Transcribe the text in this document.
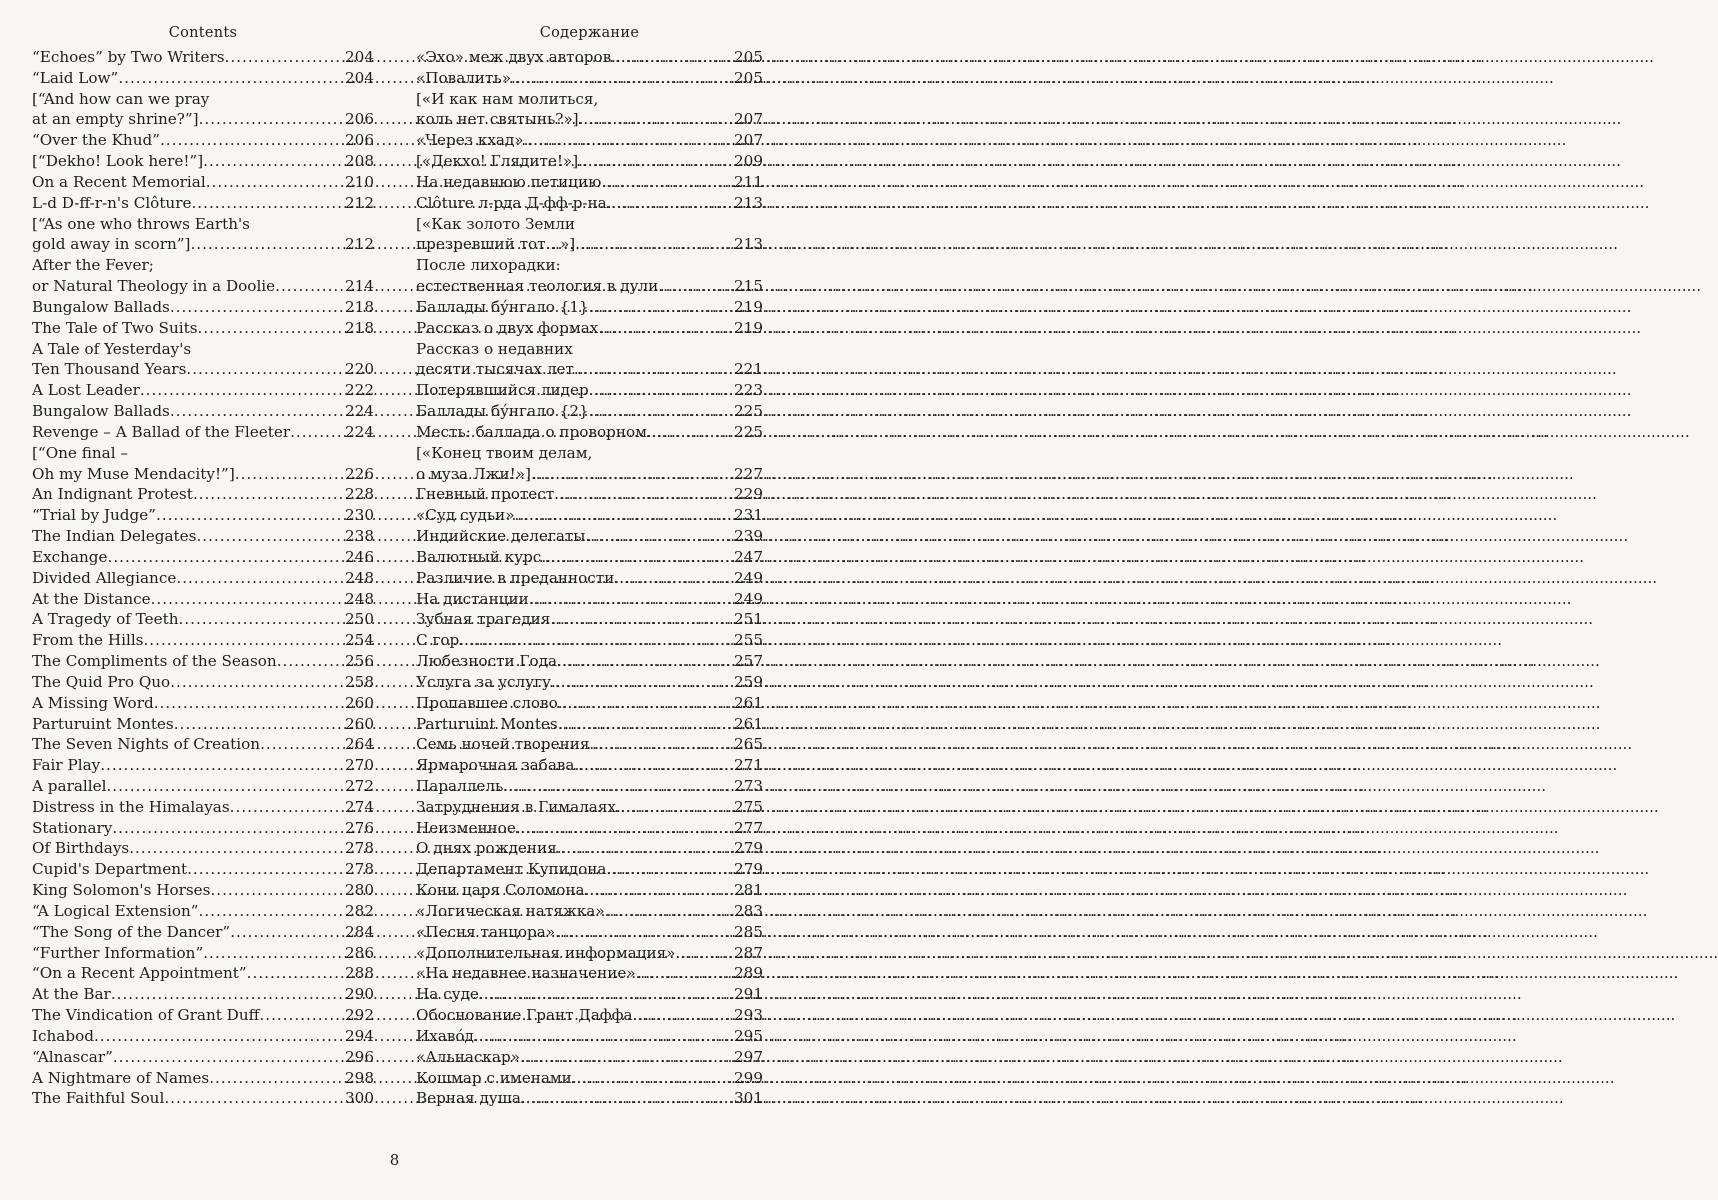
Contents
“Echoes” by Two Writers .....	204
“Laid Low” .....	204
[“And how can we pray
at an empty shrine?”] .....	206
“Over the Khud” .....	206
[“Dekho! Look here!”] .....	208
On a Recent Memorial .....	210
L-d D-ff-r-n's Clôture .....	212
[“As one who throws Earth's
gold away in scorn”] .....	212
After the Fever;
or Natural Theology in a Doolie .....	214
Bungalow Ballads .....	218
The Tale of Two Suits .....	218
A Tale of Yesterday's
Ten Thousand Years .....	220
A Lost Leader .....	222
Bungalow Ballads .....	224
Revenge – A Ballad of the Fleeter .....	224
[“One final –
Oh my Muse Mendacity!”] .....	226
An Indignant Protest .....	228
“Trial by Judge” .....	230
The Indian Delegates .....	238
Exchange .....	246
Divided Allegiance .....	248
At the Distance .....	248
A Tragedy of Teeth .....	250
From the Hills .....	254
The Compliments of the Season .....	256
The Quid Pro Quo .....	258
A Missing Word .....	260
Parturuint Montes .....	260
The Seven Nights of Creation .....	264
Fair Play .....	270
A parallel .....	272
Distress in the Himalayas .....	274
Stationary .....	276
Of Birthdays .....	278
Cupid's Department .....	278
King Solomon's Horses .....	280
“A Logical Extension” .....	282
“The Song of the Dancer” .....	284
“Further Information” .....	286
“On a Recent Appointment” .....	288
At the Bar .....	290
The Vindication of Grant Duff .....	292
Ichabod .....	294
“Alnascar” .....	296
A Nightmare of Names .....	298
The Faithful Soul .....	300
Содержание
«Эхо» меж двух авторов .....	205
«Повалить» .....	205
[«И как нам молиться,
коль нет святынь?»] .....	207
«Через кхад» .....	207
[«Декхо! Глядите!»] .....	209
На недавнюю петицию .....	211
Clôture л-рда Д-фф-р-на .....	213
[«Как золото Земли
презревший тот...»] .....	213
После лихорадки:
естественная теология в дули .....	215
Баллады бу́нгало {1} .....	219
Рассказ о двух формах .....	219
Рассказ о недавних
десяти тысячах лет .....	221
Потерявшийся лидер .....	223
Баллады бу́нгало {2} .....	225
Месть: баллада о проворном .....	225
[«Конец твоим делам,
о муза Лжи!»] .....	227
Гневный протест .....	229
«Суд судьи» .....	231
Индийские делегаты .....	239
Валютный курс .....	247
Различие в преданности .....	249
На дистанции .....	249
Зубная трагедия .....	251
С гор .....	255
Любезности Года .....	257
Услуга за услугу .....	259
Пропавшее слово .....	261
Parturuint Montes .....	261
Семь ночей творения .....	265
Ярмарочная забава .....	271
Параллель .....	273
Затруднения в Гималаях .....	275
Неизменное .....	277
О днях рождения .....	279
Департамент Купидона .....	279
Кони царя Соломона .....	281
«Логическая натяжка» .....	283
«Песня танцора» .....	285
«Дополнительная информация» .....	287
«На недавнее назначение» .....	289
На суде .....	291
Обоснование Грант Даффа .....	293
Ихаво́д .....	295
«Альнаскар» .....	297
Кошмар с именами .....	299
Верная душа .....	301
8
